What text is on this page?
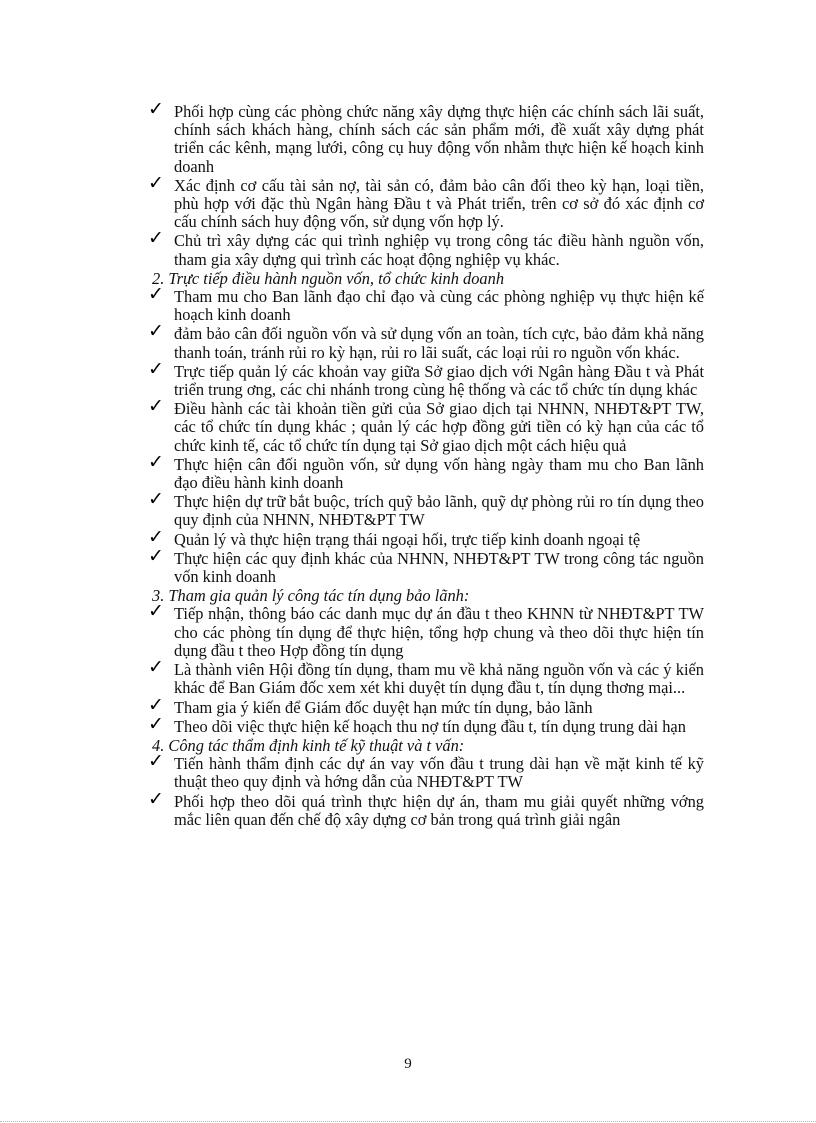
✓ Phối hợp cùng các phòng chức năng xây dựng thực hiện các chính sách lãi suất, chính sách khách hàng, chính sách các sản phẩm mới, đề xuất xây dựng phát triển các kênh, mạng lưới, công cụ huy động vốn nhằm thực hiện kế hoạch kinh doanh
✓ Xác định cơ cấu tài sản nợ, tài sản có, đảm bảo cân đối theo kỳ hạn, loại tiền, phù hợp với đặc thù Ngân hàng Đầu t và Phát triển, trên cơ sở đó xác định cơ cấu chính sách huy động vốn, sử dụng vốn hợp lý.
✓ Chủ trì xây dựng các qui trình nghiệp vụ trong công tác điều hành nguồn vốn, tham gia xây dựng qui trình các hoạt động nghiệp vụ khác.
2. Trực tiếp điều hành nguồn vốn, tổ chức kinh doanh
✓ Tham mu cho Ban lãnh đạo chỉ đạo và cùng các phòng nghiệp vụ thực hiện kế hoạch kinh doanh
✓ đảm bảo cân đối nguồn vốn và sử dụng vốn an toàn, tích cực, bảo đảm khả năng thanh toán, tránh rủi ro kỳ hạn, rủi ro lãi suất, các loại rủi ro nguồn vốn khác.
✓ Trực tiếp quản lý các khoản vay giữa Sở giao dịch với Ngân hàng Đầu t và Phát triển trung ơng, các chi nhánh trong cùng hệ thống và các tổ chức tín dụng khác
✓ Điều hành các tài khoản tiền gửi của Sở giao dịch tại NHNN, NHĐT&PT TW, các tổ chức tín dụng khác ; quản lý các hợp đồng gửi tiền có kỳ hạn của các tổ chức kinh tế, các tổ chức tín dụng tại Sở giao dịch một cách hiệu quả
✓ Thực hiện cân đối nguồn vốn, sử dụng vốn hàng ngày tham mu cho Ban lãnh đạo điều hành kinh doanh
✓ Thực hiện dự trữ bắt buộc, trích quỹ bảo lãnh, quỹ dự phòng rủi ro tín dụng theo quy định của NHNN, NHĐT&PT TW
✓ Quản lý và thực hiện trạng thái ngoại hối, trực tiếp kinh doanh ngoại tệ
✓ Thực hiện các quy định khác của NHNN, NHĐT&PT TW trong công tác nguồn vốn kinh doanh
3. Tham gia quản lý công tác tín dụng bảo lãnh:
✓ Tiếp nhận, thông báo các danh mục dự án đầu t theo KHNN từ NHĐT&PT TW cho các phòng tín dụng để thực hiện, tổng hợp chung và theo dõi thực hiện tín dụng đầu t theo Hợp đồng tín dụng
✓ Là thành viên Hội đồng tín dụng, tham mu về khả năng nguồn vốn và các ý kiến khác để Ban Giám đốc xem xét khi duyệt tín dụng đầu t, tín dụng thơng mại...
✓ Tham gia ý kiến để Giám đốc duyệt hạn mức tín dụng, bảo lãnh
✓ Theo dõi việc thực hiện kế hoạch thu nợ tín dụng đầu t, tín dụng trung dài hạn
4. Công tác thẩm định kinh tế kỹ thuật và t vấn:
✓ Tiến hành thẩm định các dự án vay vốn đầu t trung dài hạn về mặt kinh tế kỹ thuật theo quy định và hớng dẫn của NHĐT&PT TW
✓ Phối hợp theo dõi quá trình thực hiện dự án, tham mu giải quyết những vớng mắc liên quan đến chế độ xây dựng cơ bản trong quá trình giải ngân
9
